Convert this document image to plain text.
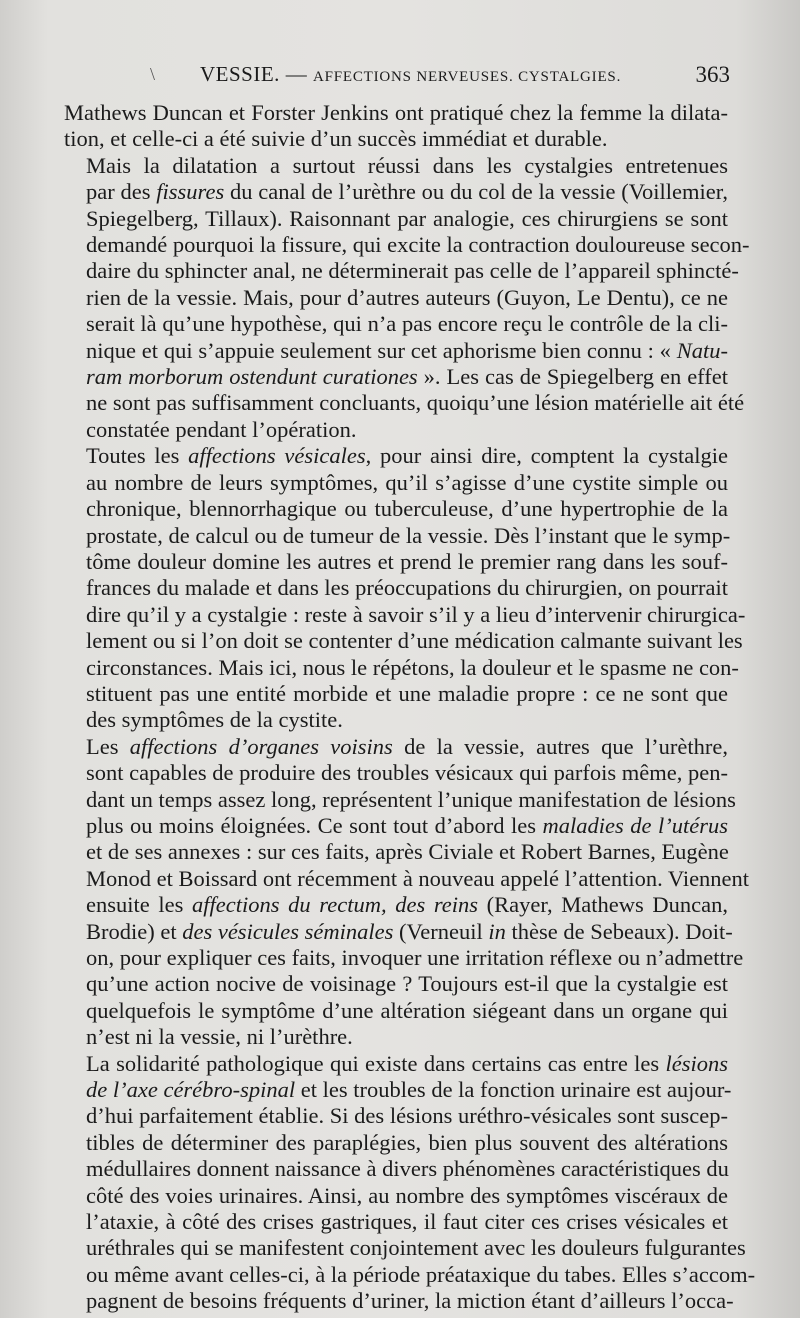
\ VESSIE. — AFFECTIONS NERVEUSES. CYSTALGIES.	363

Mathews Duncan et Forster Jenkins ont pratiqué chez la femme la dilata-
tion, et celle-ci a été suivie d’un succès immédiat et durable.

Mais la dilatation a surtout réussi dans les cystalgies entretenues
par des fissures du canal de l’urèthre ou du col de la vessie (Voillemier,
Spiegelberg, Tillaux). Raisonnant par analogie, ces chirurgiens se sont
demandé pourquoi la fissure, qui excite la contraction douloureuse secon-
daire du sphincter anal, ne déterminerait pas celle de l’appareil sphincté-
rien de la vessie. Mais, pour d’autres auteurs (Guyon, Le Dentu), ce ne
serait là qu’une hypothèse, qui n’a pas encore reçu le contrôle de la cli-
nique et qui s’appuie seulement sur cet aphorisme bien connu : « Natu-
ram morborum ostendunt curationes ». Les cas de Spiegelberg en effet
ne sont pas suffisamment concluants, quoiqu’une lésion matérielle ait été
constatée pendant l’opération.

Toutes les affections vésicales, pour ainsi dire, comptent la cystalgie
au nombre de leurs symptômes, qu’il s’agisse d’une cystite simple ou
chronique, blennorrhagique ou tuberculeuse, d’une hypertrophie de la
prostate, de calcul ou de tumeur de la vessie. Dès l’instant que le symp-
tôme douleur domine les autres et prend le premier rang dans les souf-
frances du malade et dans les préoccupations du chirurgien, on pourrait
dire qu’il y a cystalgie : reste à savoir s’il y a lieu d’intervenir chirurgica-
lement ou si l’on doit se contenter d’une médication calmante suivant les
circonstances. Mais ici, nous le répétons, la douleur et le spasme ne con-
stituent pas une entité morbide et une maladie propre : ce ne sont que
des symptômes de la cystite.

Les affections d’organes voisins de la vessie, autres que l’urèthre,
sont capables de produire des troubles vésicaux qui parfois même, pen-
dant un temps assez long, représentent l’unique manifestation de lésions
plus ou moins éloignées. Ce sont tout d’abord les maladies de l’utérus
et de ses annexes : sur ces faits, après Civiale et Robert Barnes, Eugène
Monod et Boissard ont récemment à nouveau appelé l’attention. Viennent
ensuite les affections du rectum, des reins (Rayer, Mathews Duncan,
Brodie) et des vésicules séminales (Verneuil in thèse de Sebeaux). Doit-
on, pour expliquer ces faits, invoquer une irritation réflexe ou n’admettre
qu’une action nocive de voisinage ? Toujours est-il que la cystalgie est
quelquefois le symptôme d’une altération siégeant dans un organe qui
n’est ni la vessie, ni l’urèthre.

La solidarité pathologique qui existe dans certains cas entre les lésions
de l’axe cérébro-spinal et les troubles de la fonction urinaire est aujour-
d’hui parfaitement établie. Si des lésions uréthro-vésicales sont suscep-
tibles de déterminer des paraplégies, bien plus souvent des altérations
médullaires donnent naissance à divers phénomènes caractéristiques du
côté des voies urinaires. Ainsi, au nombre des symptômes viscéraux de
l’ataxie, à côté des crises gastriques, il faut citer ces crises vésicales et
uréthrales qui se manifestent conjointement avec les douleurs fulgurantes
ou même avant celles-ci, à la période préataxique du tabes. Elles s’accom-
pagnent de besoins fréquents d’uriner, la miction étant d’ailleurs l’occa-
